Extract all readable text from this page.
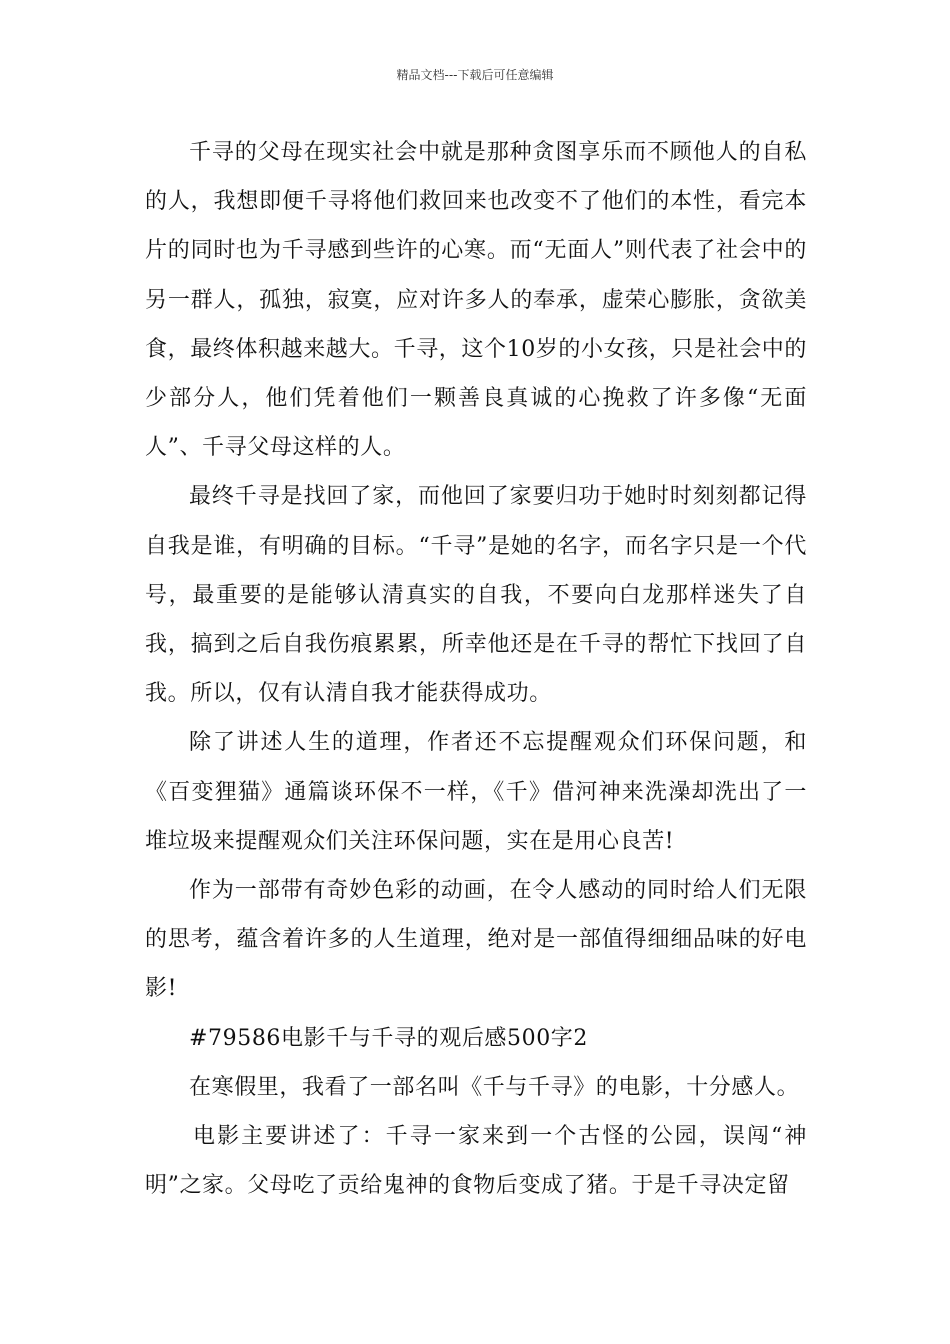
精品文档---下载后可任意编辑

千寻的父母在现实社会中就是那种贪图享乐而不顾他人的自私的人，我想即便千寻将他们救回来也改变不了他们的本性，看完本片的同时也为千寻感到些许的心寒。而“无面人”则代表了社会中的另一群人，孤独，寂寞，应对许多人的奉承，虚荣心膨胀，贪欲美食，最终体积越来越大。千寻，这个10岁的小女孩，只是社会中的少部分人，他们凭着他们一颗善良真诚的心挽救了许多像“无面人”、千寻父母这样的人。

最终千寻是找回了家，而他回了家要归功于她时时刻刻都记得自我是谁，有明确的目标。“千寻”是她的名字，而名字只是一个代号，最重要的是能够认清真实的自我，不要向白龙那样迷失了自我，搞到之后自我伤痕累累，所幸他还是在千寻的帮忙下找回了自我。所以，仅有认清自我才能获得成功。

除了讲述人生的道理，作者还不忘提醒观众们环保问题，和《百变狸猫》通篇谈环保不一样，《千》借河神来洗澡却洗出了一堆垃圾来提醒观众们关注环保问题，实在是用心良苦!

作为一部带有奇妙色彩的动画，在令人感动的同时给人们无限的思考，蕴含着许多的人生道理，绝对是一部值得细细品味的好电影!

#79586电影千与千寻的观后感500字2

在寒假里，我看了一部名叫《千与千寻》的电影，十分感人。

电影主要讲述了：千寻一家来到一个古怪的公园，误闯“神明”之家。父母吃了贡给鬼神的食物后变成了猪。于是千寻决定留
